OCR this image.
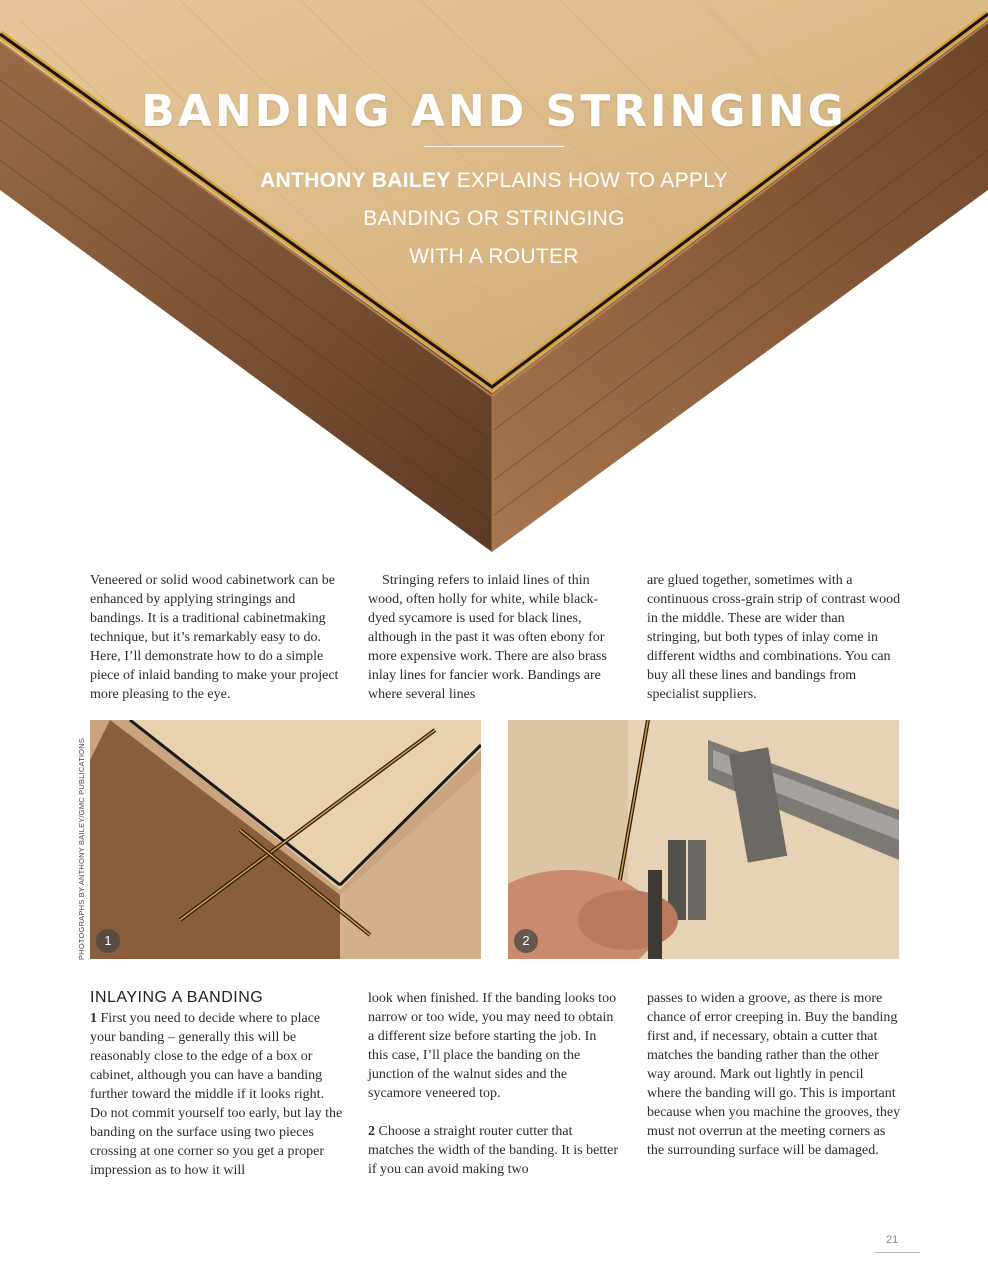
BANDING AND STRINGING
ANTHONY BAILEY EXPLAINS HOW TO APPLY
BANDING OR STRINGING
WITH A ROUTER

Veneered or solid wood cabinetwork can be enhanced by applying stringings and bandings. It is a traditional cabinetmaking technique, but it’s remarkably easy to do. Here, I’ll demonstrate how to do a simple piece of inlaid banding to make your project more pleasing to the eye.

Stringing refers to inlaid lines of thin wood, often holly for white, while black-dyed sycamore is used for black lines, although in the past it was often ebony for more expensive work. There are also brass inlay lines for fancier work. Bandings are where several lines

are glued together, sometimes with a continuous cross-grain strip of contrast wood in the middle. These are wider than stringing, but both types of inlay come in different widths and combinations. You can buy all these lines and bandings from specialist suppliers.

PHOTOGRAPHS BY ANTHONY BAILEY/GMC PUBLICATIONS	1	2
INLAYING A BANDING

1 First you need to decide where to place your banding – generally this will be reasonably close to the edge of a box or cabinet, although you can have a banding further toward the middle if it looks right. Do not commit yourself too early, but lay the banding on the surface using two pieces crossing at one corner so you get a proper impression as to how it will

look when finished. If the banding looks too narrow or too wide, you may need to obtain a different size before starting the job. In this case, I’ll place the banding on the junction of the walnut sides and the sycamore veneered top.

2 Choose a straight router cutter that matches the width of the banding. It is better if you can avoid making two

passes to widen a groove, as there is more chance of error creeping in. Buy the banding first and, if necessary, obtain a cutter that matches the banding rather than the other way around. Mark out lightly in pencil where the banding will go. This is important because when you machine the grooves, they must not overrun at the meeting corners as the surrounding surface will be damaged.

21
